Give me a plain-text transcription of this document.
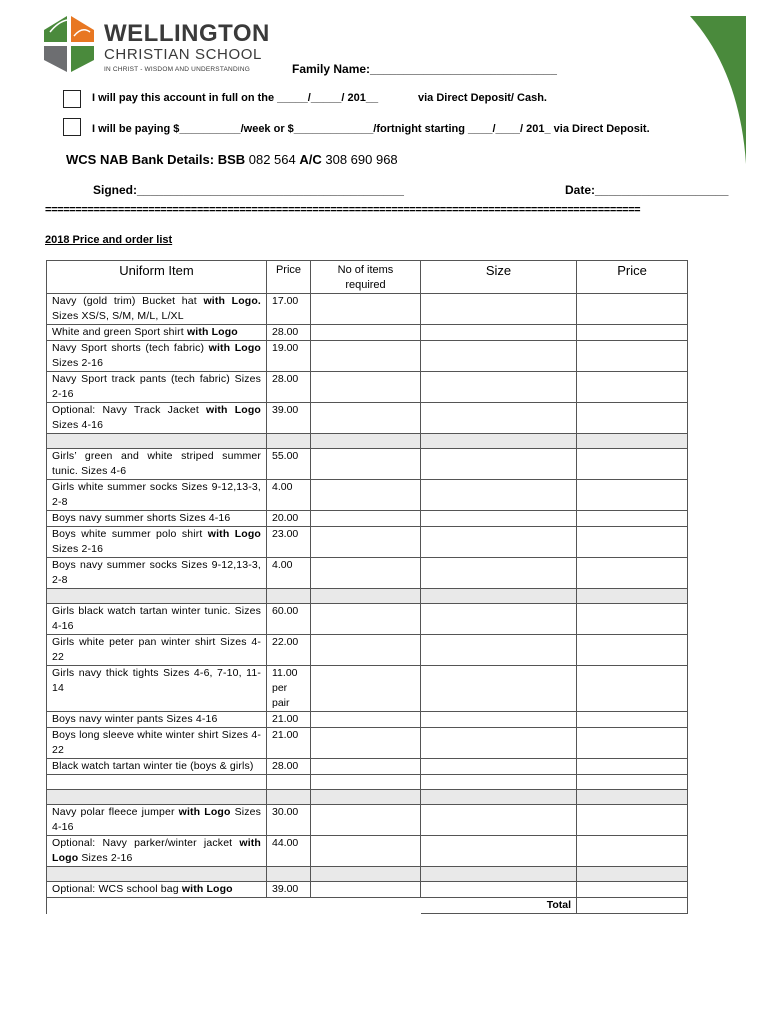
WELLINGTON
CHRISTIAN SCHOOL
IN CHRIST - WISDOM AND UNDERSTANDING	Family Name:____________________________
I will pay this account in full on the _____/_____/ 201__	via Direct Deposit/ Cash.
I will be paying $__________/week or $_____________/fortnight starting ____/____/ 201_ via Direct Deposit.
WCS NAB Bank Details: BSB 082 564 A/C 308 690 968
Signed:________________________________________	Date:____________________
==================================================================================================
2018 Price and order list
Uniform Item	Price	No of items required	Size	Price
Navy (gold trim) Bucket hat with Logo. Sizes XS/S, S/M, M/L, L/XL	17.00			
White and green Sport shirt with Logo	28.00			
Navy Sport shorts (tech fabric) with Logo Sizes 2-16	19.00			
Navy Sport track pants (tech fabric) Sizes 2-16	28.00			
Optional: Navy Track Jacket with Logo Sizes 4-16	39.00			

Girls’ green and white striped summer tunic. Sizes 4-6	55.00			
Girls white summer socks Sizes 9-12,13-3, 2-8	4.00			
Boys navy summer shorts Sizes 4-16	20.00			
Boys white summer polo shirt with Logo Sizes 2-16	23.00			
Boys navy summer socks Sizes 9-12,13-3, 2-8	4.00			

Girls black watch tartan winter tunic. Sizes 4-16	60.00			
Girls white peter pan winter shirt Sizes 4-22	22.00			
Girls navy thick tights Sizes 4-6, 7-10, 11-14	11.00 per pair			
Boys navy winter pants Sizes 4-16	21.00			
Boys long sleeve white winter shirt Sizes 4-22	21.00			
Black watch tartan winter tie (boys & girls)	28.00			

Navy polar fleece jumper with Logo Sizes 4-16	30.00			
Optional: Navy parker/winter jacket with Logo Sizes 2-16	44.00			

Optional: WCS school bag with Logo	39.00			
			Total	
